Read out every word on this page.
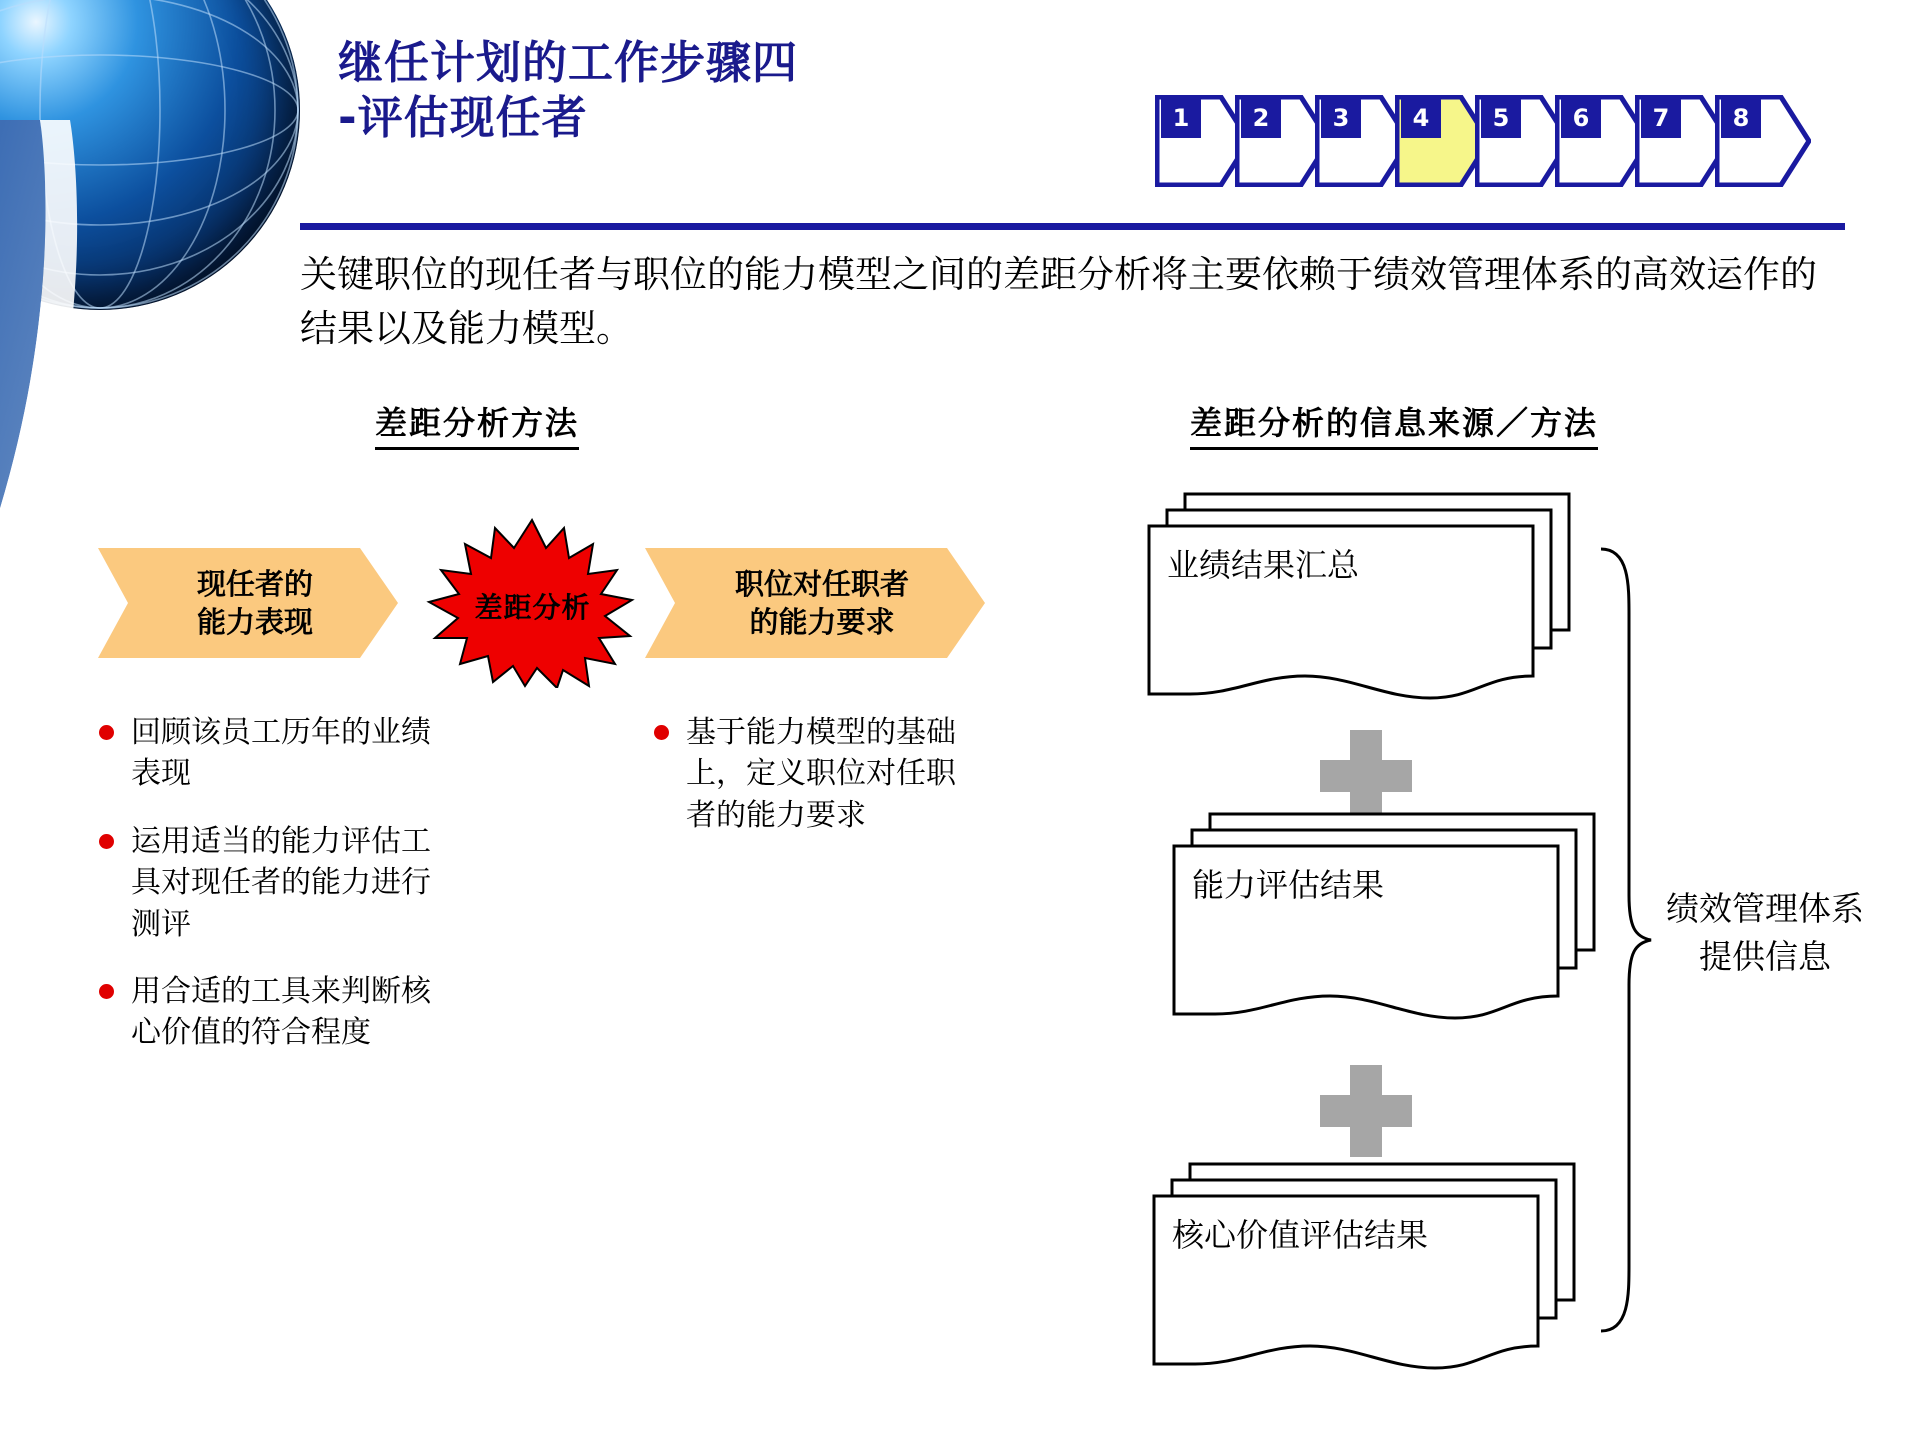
继任计划的工作步骤四
-评估现任者	1	2	3	4	5	6	7	8
关键职位的现任者与职位的能力模型之间的差距分析将主要依赖于绩效管理体系的高效运作的结果以及能力模型。
差距分析方法	差距分析的信息来源／方法
现任者的
能力表现
职位对任职者
的能力要求
差距分析
回顾该员工历年的业绩表现
运用适当的能力评估工具对现任者的能力进行测评
用合适的工具来判断核心价值的符合程度
基于能力模型的基础上，定义职位对任职者的能力要求
业绩结果汇总
能力评估结果
核心价值评估结果
绩效管理体系提供信息
